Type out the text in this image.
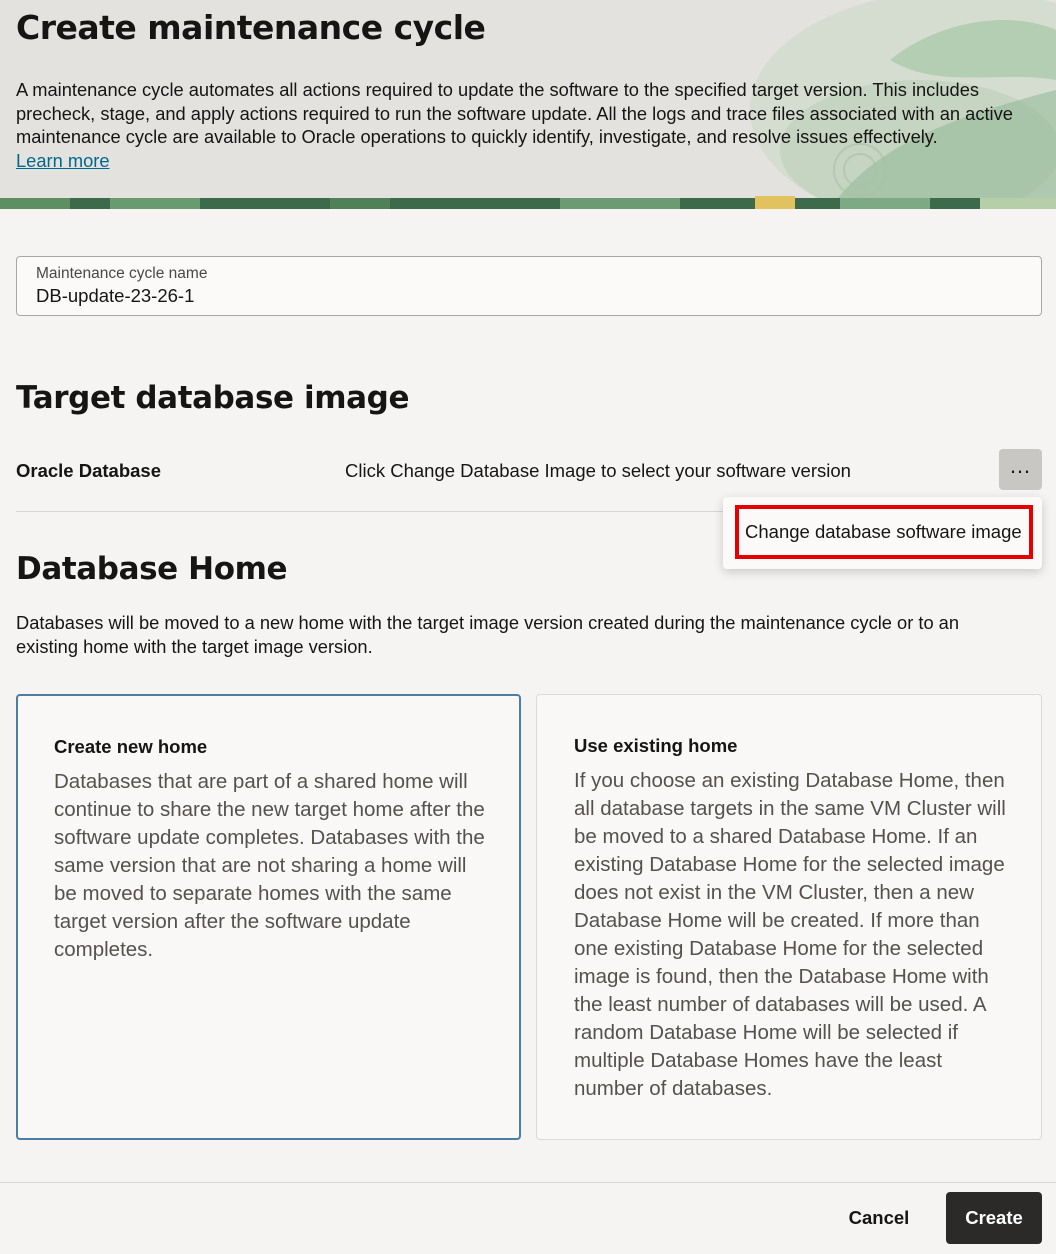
Create maintenance cycle
A maintenance cycle automates all actions required to update the software to the specified target version. This includes precheck, stage, and apply actions required to run the software update. All the logs and trace files associated with an active maintenance cycle are available to Oracle operations to quickly identify, investigate, and resolve issues effectively.
Learn more
Maintenance cycle name
DB-update-23-26-1
Target database image
Oracle Database	Click Change Database Image to select your software version	…
Database Home
Databases will be moved to a new home with the target image version created during the maintenance cycle or to an existing home with the target image version.
Change database software image
Create new home
Databases that are part of a shared home will continue to share the new target home after the software update completes. Databases with the same version that are not sharing a home will be moved to separate homes with the same target version after the software update completes.
Use existing home
If you choose an existing Database Home, then all database targets in the same VM Cluster will be moved to a shared Database Home. If an existing Database Home for the selected image does not exist in the VM Cluster, then a new Database Home will be created. If more than one existing Database Home for the selected image is found, then the Database Home with the least number of databases will be used. A random Database Home will be selected if multiple Database Homes have the least number of databases.
Cancel	Create
